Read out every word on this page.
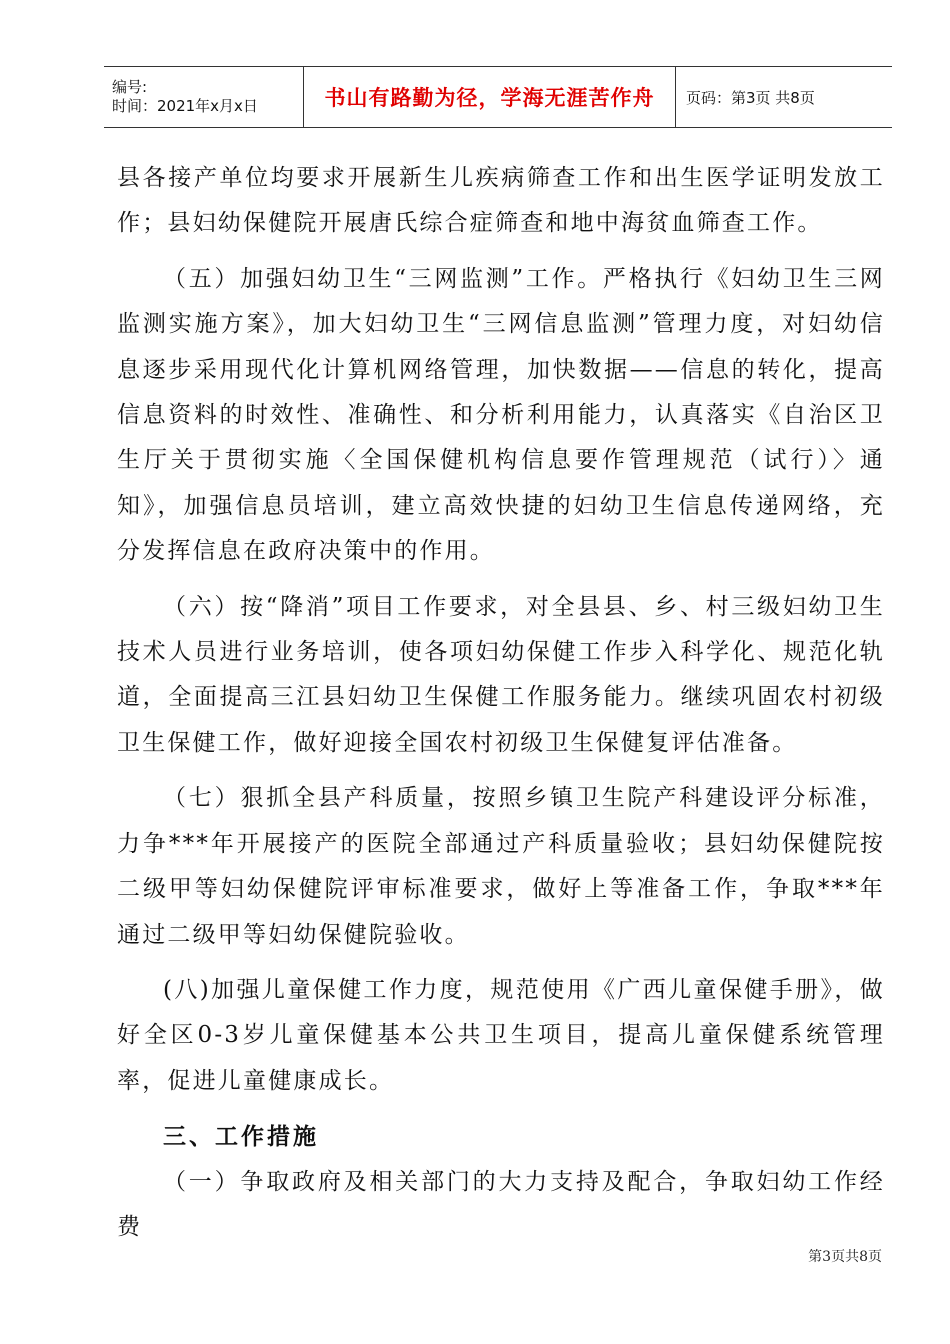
编号:
时间：2021年x月x日	书山有路勤为径，学海无涯苦作舟	页码：第3页 共8页

县各接产单位均要求开展新生儿疾病筛查工作和出生医学证明发放工作；县妇幼保健院开展唐氏综合症筛查和地中海贫血筛查工作。

（五）加强妇幼卫生“三网监测”工作。严格执行《妇幼卫生三网监测实施方案》，加大妇幼卫生“三网信息监测”管理力度，对妇幼信息逐步采用现代化计算机网络管理，加快数据——信息的转化，提高信息资料的时效性、准确性、和分析利用能力，认真落实《自治区卫生厅关于贯彻实施〈全国保健机构信息要作管理规范（试行）〉通知》，加强信息员培训，建立高效快捷的妇幼卫生信息传递网络，充分发挥信息在政府决策中的作用。

（六）按“降消”项目工作要求，对全县县、乡、村三级妇幼卫生技术人员进行业务培训，使各项妇幼保健工作步入科学化、规范化轨道，全面提高三江县妇幼卫生保健工作服务能力。继续巩固农村初级卫生保健工作，做好迎接全国农村初级卫生保健复评估准备。

（七）狠抓全县产科质量，按照乡镇卫生院产科建设评分标准，力争***年开展接产的医院全部通过产科质量验收；县妇幼保健院按二级甲等妇幼保健院评审标准要求，做好上等准备工作，争取***年通过二级甲等妇幼保健院验收。

(八)加强儿童保健工作力度，规范使用《广西儿童保健手册》，做好全区0-3岁儿童保健基本公共卫生项目，提高儿童保健系统管理率，促进儿童健康成长。

三、工作措施

（一）争取政府及相关部门的大力支持及配合，争取妇幼工作经费

第3页共8页
